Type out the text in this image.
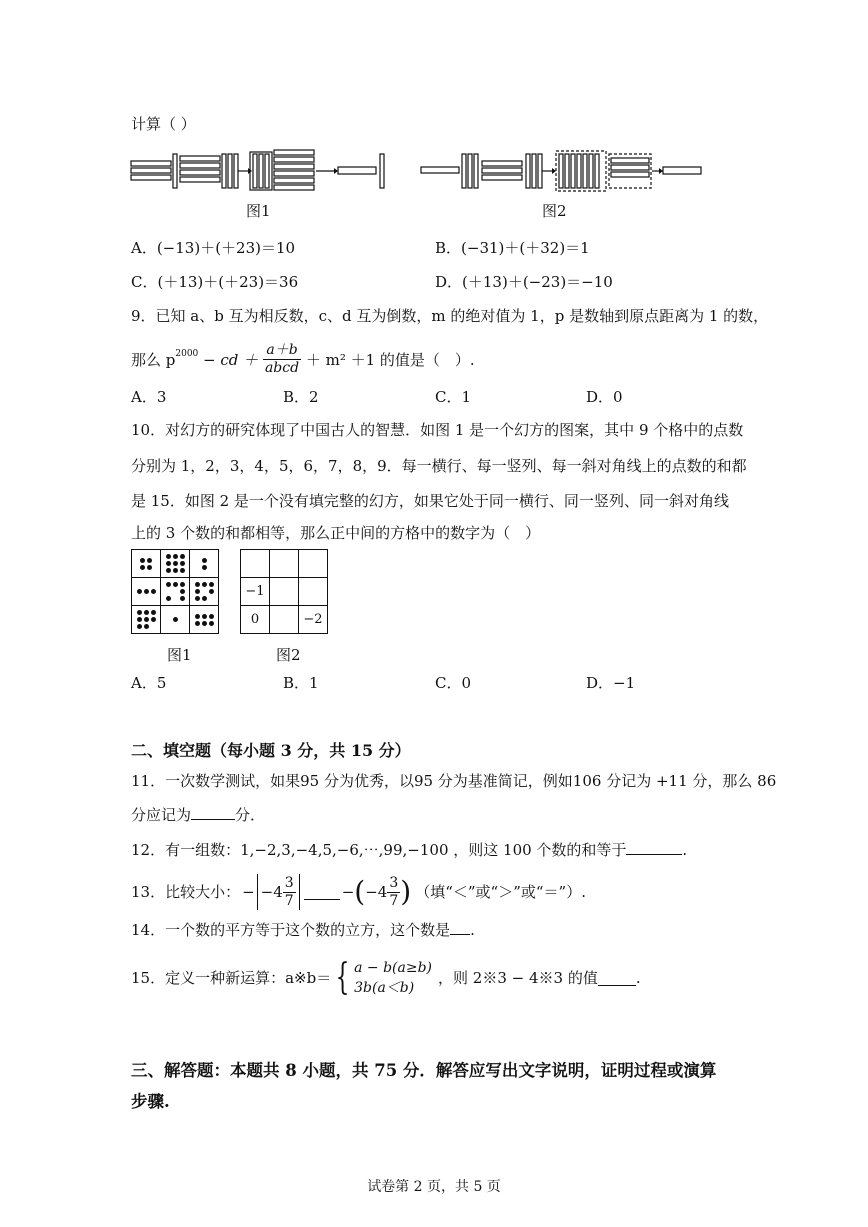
计算（ ）
图1	图2
A．(−13)＋(＋23)＝10	B．(−31)＋(＋32)＝1
C．(＋13)＋(＋23)＝36	D．(＋13)＋(−23)＝−10
9．已知 a、b 互为相反数，c、d 互为倒数，m 的绝对值为 1，p 是数轴到原点距离为 1 的数，
那么 $p^{2000}$ − cd ＋ $\frac{a+b}{\text{abcd}} + m^2 +1$ 的值是（　）.
A．3	B．2	C．1	D．0
10．对幻方的研究体现了中国古人的智慧．如图 1 是一个幻方的图案，其中 9 个格中的点数
分别为 1，2，3，4，5，6，7，8，9．每一横行、每一竖列、每一斜对角线上的点数的和都
是 15．如图 2 是一个没有填完整的幻方，如果它处于同一横行、同一竖列、同一斜对角线
上的 3 个数的和都相等，那么正中间的方格中的数字为（　）

−1		
0		−2
图1	图2
A．5	B．1	C．0	D．−1
二、填空题（每小题 3 分，共 15 分）
11．一次数学测试，如果95 分为优秀，以95 分为基准简记，例如106 分记为 +11 分，那么 86
分应记为	分．
12．有一组数：1,−2,3,−4,5,−6,⋯,99,−100 ，则这 100 个数的和等于	.
13．比较大小： − $-4 \frac{3}{7}$	− ( $-4 \frac{3}{7}$ ) （填“＜”或“＞”或“＝”）.
14．一个数的平方等于这个数的立方，这个数是 .
15．定义一种新运算：a※b＝ { a − b(a≥b)
3b(a＜b)
，则 2※3 − 4※3 的值	.
三、解答题：本题共 8 小题，共 75 分．解答应写出文字说明，证明过程或演算
步骤.
试卷第 2 页，共 5 页
